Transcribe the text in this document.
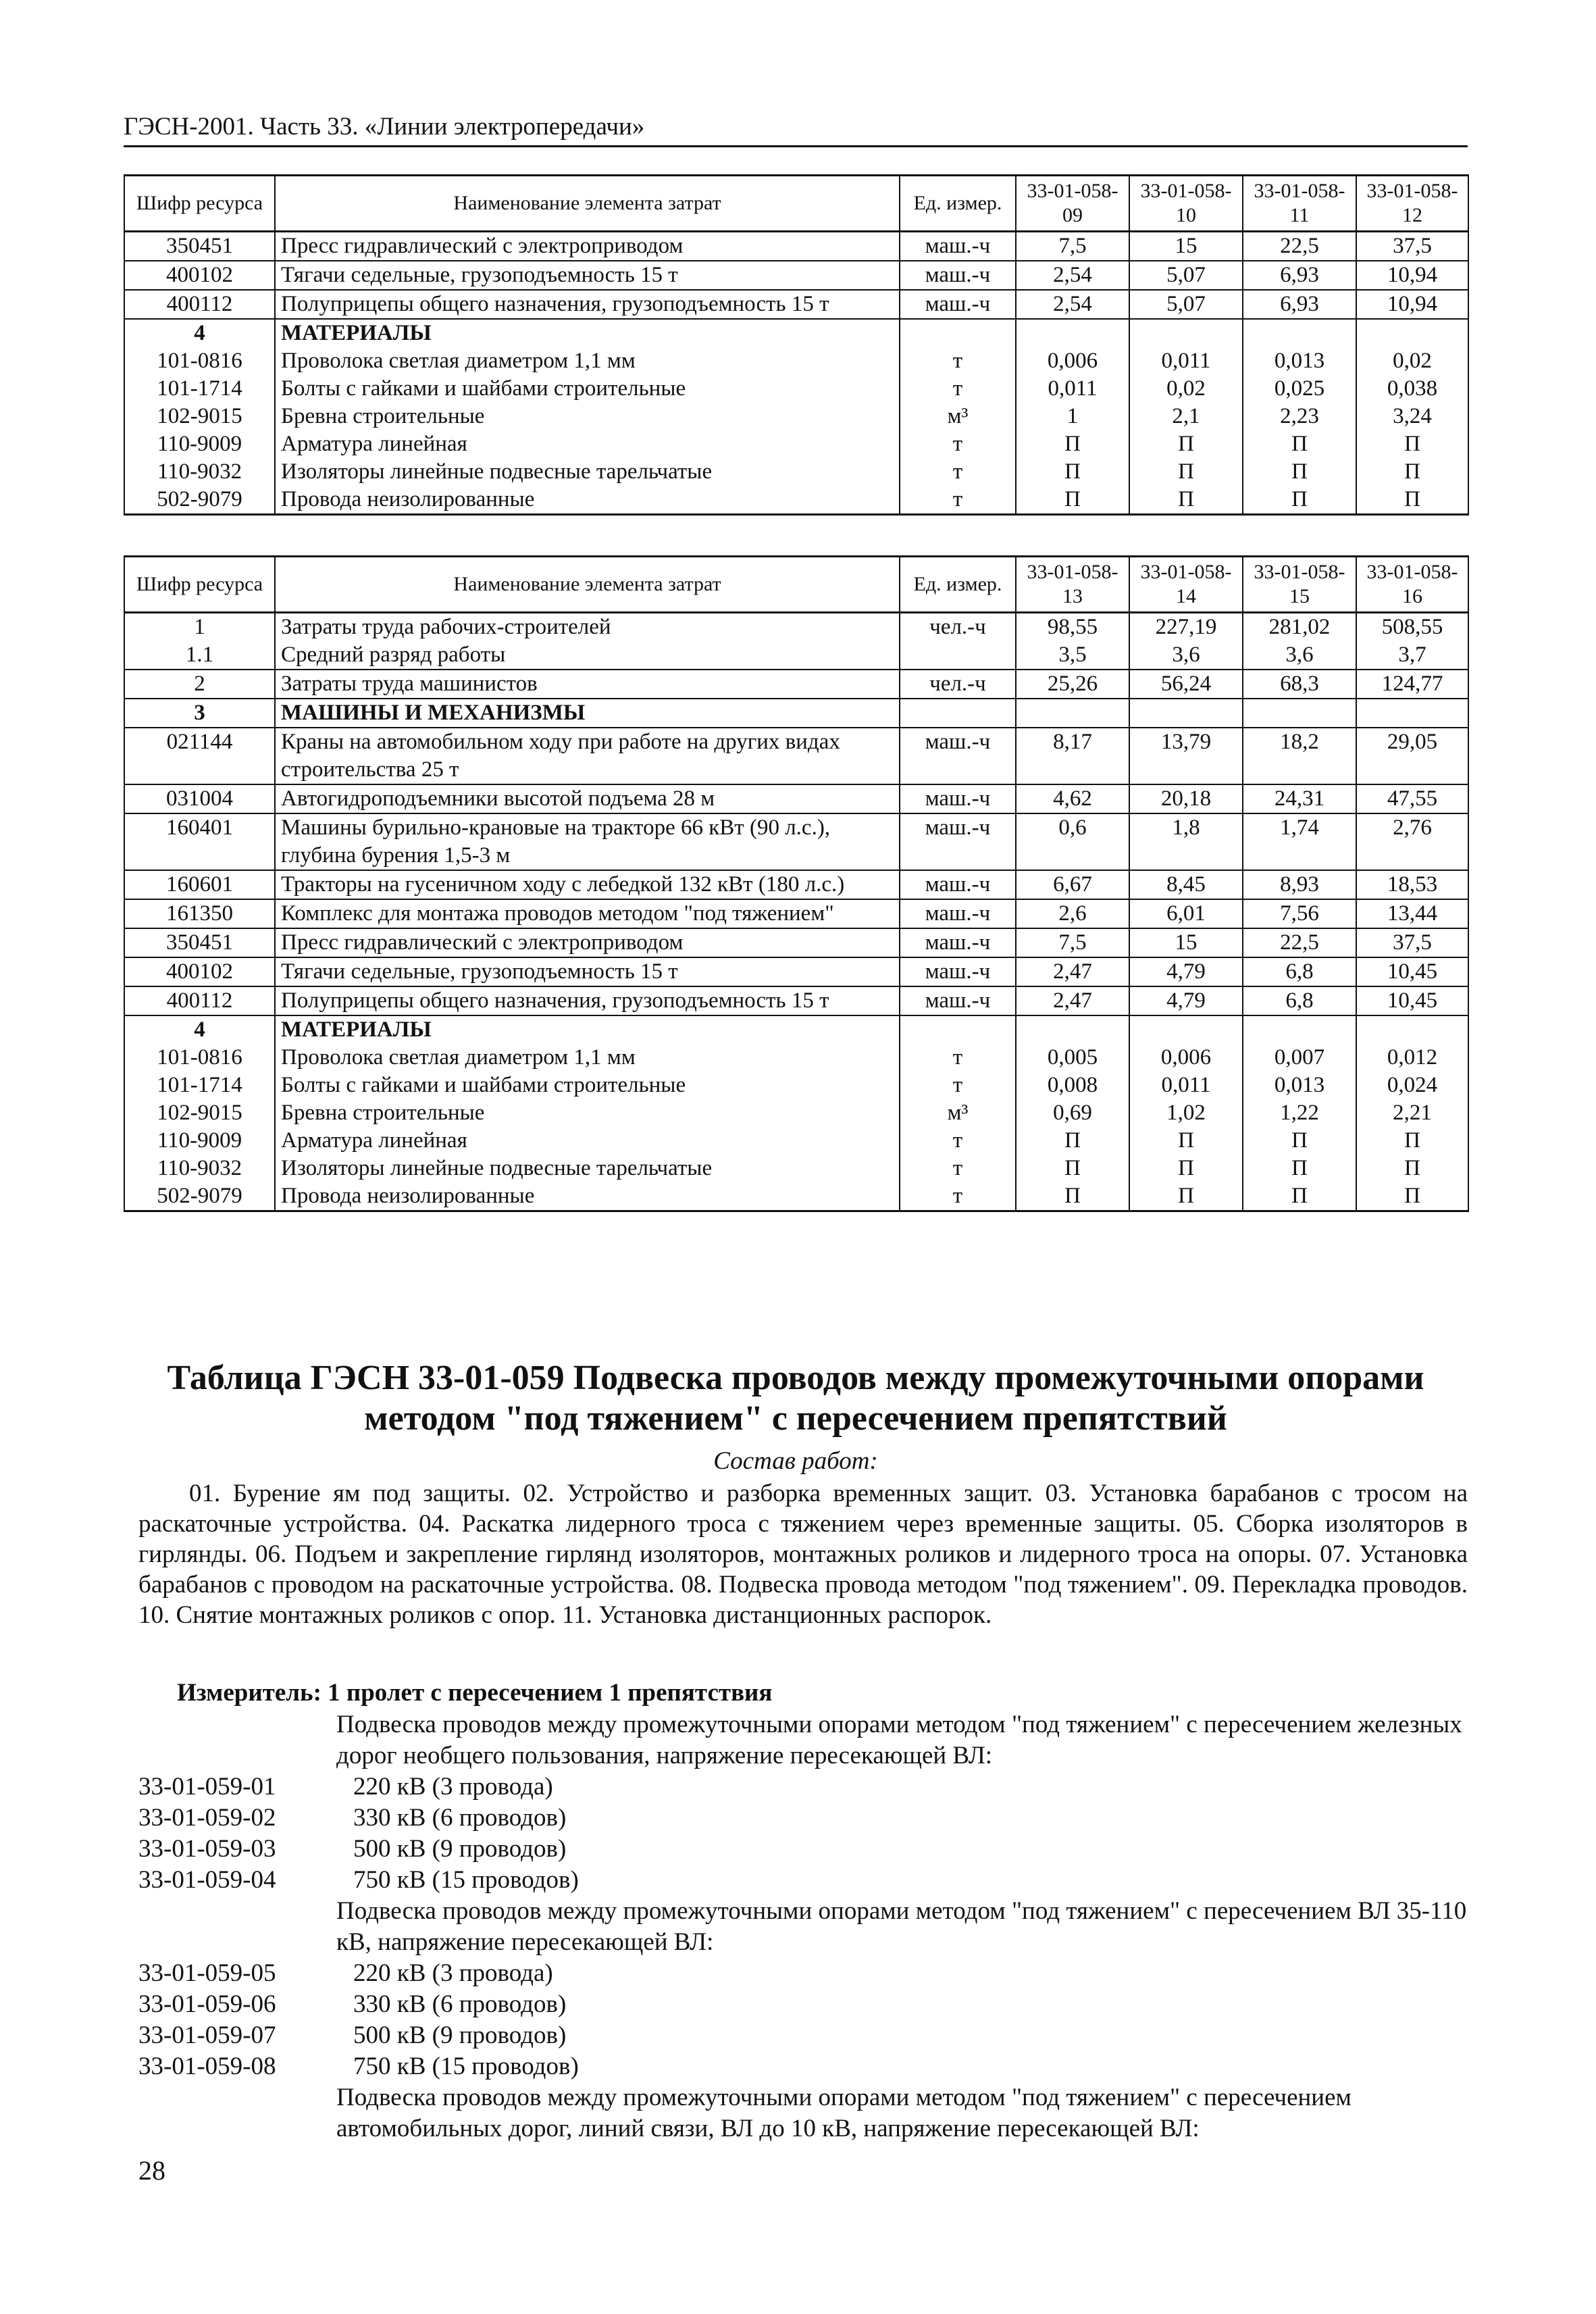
ГЭСН-2001. Часть 33. «Линии электропередачи»
Шифр ресурса	Наименование элемента затрат	Ед. измер.	33-01-058-09	33-01-058-10	33-01-058-11	33-01-058-12
350451	Пресс гидравлический с электроприводом	маш.-ч	7,5	15	22,5	37,5
400102	Тягачи седельные, грузоподъемность 15 т	маш.-ч	2,54	5,07	6,93	10,94
400112	Полуприцепы общего назначения, грузоподъемность 15 т	маш.-ч	2,54	5,07	6,93	10,94
4	МАТЕРИАЛЫ					
101-0816	Проволока светлая диаметром 1,1 мм	т	0,006	0,011	0,013	0,02
101-1714	Болты с гайками и шайбами строительные	т	0,011	0,02	0,025	0,038
102-9015	Бревна строительные	м³	1	2,1	2,23	3,24
110-9009	Арматура линейная	т	П	П	П	П
110-9032	Изоляторы линейные подвесные тарельчатые	т	П	П	П	П
502-9079	Провода неизолированные	т	П	П	П	П
Шифр ресурса	Наименование элемента затрат	Ед. измер.	33-01-058-13	33-01-058-14	33-01-058-15	33-01-058-16
1	Затраты труда рабочих-строителей	чел.-ч	98,55	227,19	281,02	508,55
1.1	Средний разряд работы		3,5	3,6	3,6	3,7
2	Затраты труда машинистов	чел.-ч	25,26	56,24	68,3	124,77
3	МАШИНЫ И МЕХАНИЗМЫ					
021144	Краны на автомобильном ходу при работе на других видах строительства 25 т	маш.-ч	8,17	13,79	18,2	29,05
031004	Автогидроподъемники высотой подъема 28 м	маш.-ч	4,62	20,18	24,31	47,55
160401	Машины бурильно-крановые на тракторе 66 кВт (90 л.с.), глубина бурения 1,5-3 м	маш.-ч	0,6	1,8	1,74	2,76
160601	Тракторы на гусеничном ходу с лебедкой 132 кВт (180 л.с.)	маш.-ч	6,67	8,45	8,93	18,53
161350	Комплекс для монтажа проводов методом "под тяжением"	маш.-ч	2,6	6,01	7,56	13,44
350451	Пресс гидравлический с электроприводом	маш.-ч	7,5	15	22,5	37,5
400102	Тягачи седельные, грузоподъемность 15 т	маш.-ч	2,47	4,79	6,8	10,45
400112	Полуприцепы общего назначения, грузоподъемность 15 т	маш.-ч	2,47	4,79	6,8	10,45
4	МАТЕРИАЛЫ					
101-0816	Проволока светлая диаметром 1,1 мм	т	0,005	0,006	0,007	0,012
101-1714	Болты с гайками и шайбами строительные	т	0,008	0,011	0,013	0,024
102-9015	Бревна строительные	м³	0,69	1,02	1,22	2,21
110-9009	Арматура линейная	т	П	П	П	П
110-9032	Изоляторы линейные подвесные тарельчатые	т	П	П	П	П
502-9079	Провода неизолированные	т	П	П	П	П
Таблица ГЭСН 33-01-059 Подвеска проводов между промежуточными опорами методом "под тяжением" с пересечением препятствий
Состав работ:
01. Бурение ям под защиты. 02. Устройство и разборка временных защит. 03. Установка барабанов с тросом на раскаточные устройства. 04. Раскатка лидерного троса с тяжением через временные защиты. 05. Сборка изоляторов в гирлянды. 06. Подъем и закрепление гирлянд изоляторов, монтажных роликов и лидерного троса на опоры. 07. Установка барабанов с проводом на раскаточные устройства. 08. Подвеска провода методом "под тяжением". 09. Перекладка проводов. 10. Снятие монтажных роликов с опор. 11. Установка дистанционных распорок.
Измеритель: 1 пролет с пересечением 1 препятствия
Подвеска проводов между промежуточными опорами методом "под тяжением" с пересечением железных дорог необщего пользования, напряжение пересекающей ВЛ:
33-01-059-01	220 кВ (3 провода)
33-01-059-02	330 кВ (6 проводов)
33-01-059-03	500 кВ (9 проводов)
33-01-059-04	750 кВ (15 проводов)
Подвеска проводов между промежуточными опорами методом "под тяжением" с пересечением ВЛ 35-110 кВ, напряжение пересекающей ВЛ:
33-01-059-05	220 кВ (3 провода)
33-01-059-06	330 кВ (6 проводов)
33-01-059-07	500 кВ (9 проводов)
33-01-059-08	750 кВ (15 проводов)
Подвеска проводов между промежуточными опорами методом "под тяжением" с пересечением автомобильных дорог, линий связи, ВЛ до 10 кВ, напряжение пересекающей ВЛ:
28
